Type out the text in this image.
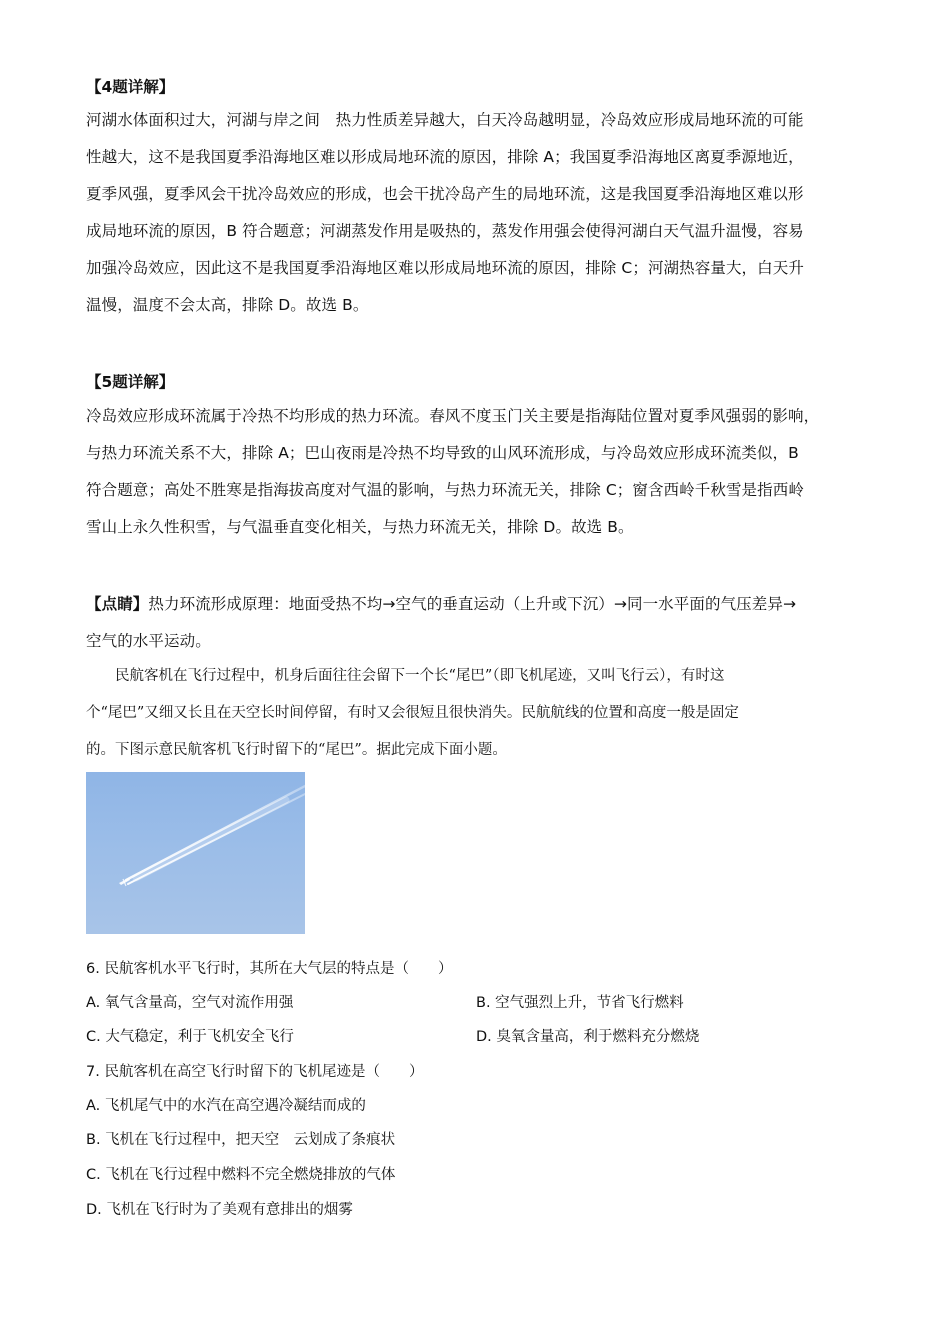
【4题详解】
河湖水体面积过大，河湖与岸之间　热力性质差异越大，白天冷岛越明显，冷岛效应形成局地环流的可能
性越大，这不是我国夏季沿海地区难以形成局地环流的原因，排除 A；我国夏季沿海地区离夏季源地近，
夏季风强，夏季风会干扰冷岛效应的形成，也会干扰冷岛产生的局地环流，这是我国夏季沿海地区难以形
成局地环流的原因，B 符合题意；河湖蒸发作用是吸热的，蒸发作用强会使得河湖白天气温升温慢，容易
加强冷岛效应，因此这不是我国夏季沿海地区难以形成局地环流的原因，排除 C；河湖热容量大，白天升
温慢，温度不会太高，排除 D。故选 B。
【5题详解】
冷岛效应形成环流属于冷热不均形成的热力环流。春风不度玉门关主要是指海陆位置对夏季风强弱的影响，
与热力环流关系不大，排除 A；巴山夜雨是冷热不均导致的山风环流形成，与冷岛效应形成环流类似，B
符合题意；高处不胜寒是指海拔高度对气温的影响，与热力环流无关，排除 C；窗含西岭千秋雪是指西岭
雪山上永久性积雪，与气温垂直变化相关，与热力环流无关，排除 D。故选 B。
【点睛】热力环流形成原理：地面受热不均→空气的垂直运动（上升或下沉）→同一水平面的气压差异→
空气的水平运动。
　　民航客机在飞行过程中，机身后面往往会留下一个长“尾巴”（即飞机尾迹，又叫飞行云），有时这
个“尾巴”又细又长且在天空长时间停留，有时又会很短且很快消失。民航航线的位置和高度一般是固定
的。下图示意民航客机飞行时留下的“尾巴”。据此完成下面小题。
6. 民航客机水平飞行时，其所在大气层的特点是（　　）
A. 氧气含量高，空气对流作用强	B. 空气强烈上升，节省飞行燃料
C. 大气稳定，利于飞机安全飞行	D. 臭氧含量高，利于燃料充分燃烧
7. 民航客机在高空飞行时留下的飞机尾迹是（　　）
A. 飞机尾气中的水汽在高空遇冷凝结而成的
B. 飞机在飞行过程中，把天空　云划成了条痕状
C. 飞机在飞行过程中燃料不完全燃烧排放的气体
D. 飞机在飞行时为了美观有意排出的烟雾
